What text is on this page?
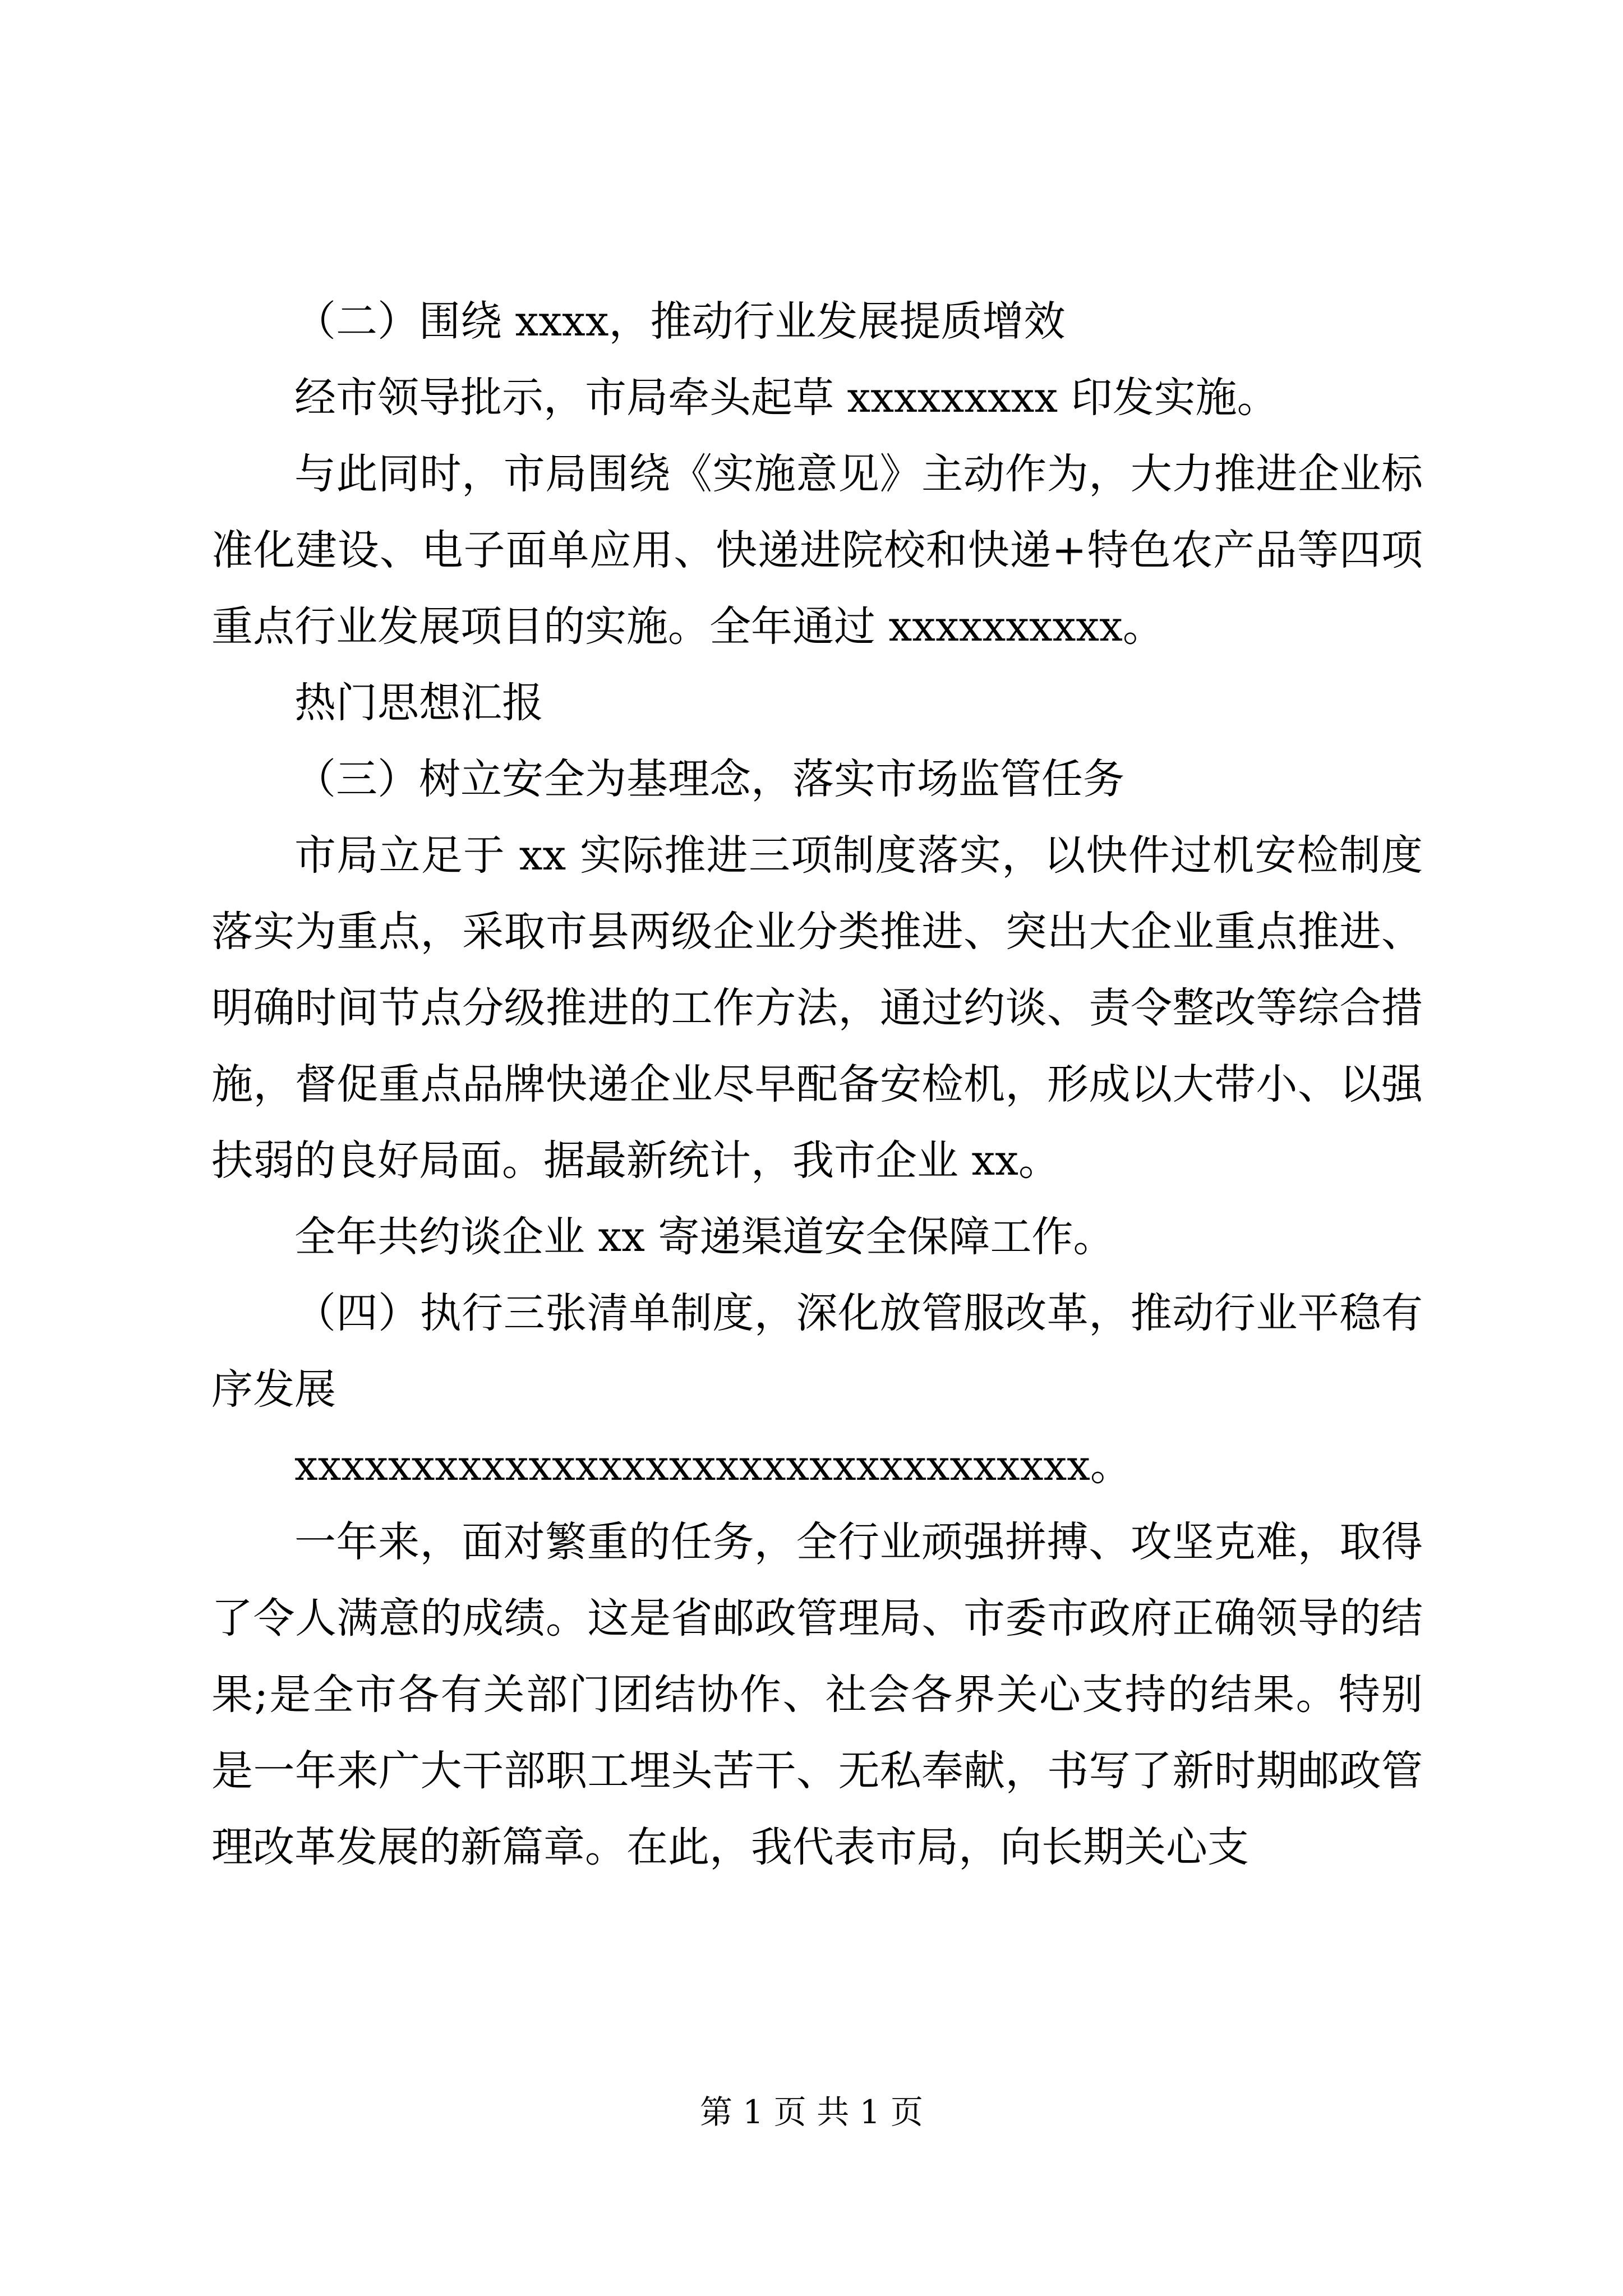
（二）围绕 xxxx，推动行业发展提质增效

经市领导批示，市局牵头起草 xxxxxxxxx 印发实施。

与此同时，市局围绕《实施意见》主动作为，大力推进企业标准化建设、电子面单应用、快递进院校和快递+特色农产品等四项重点行业发展项目的实施。全年通过 xxxxxxxxxx。

热门思想汇报

（三）树立安全为基理念，落实市场监管任务

市局立足于 xx 实际推进三项制度落实，以快件过机安检制度落实为重点，采取市县两级企业分类推进、突出大企业重点推进、明确时间节点分级推进的工作方法，通过约谈、责令整改等综合措施，督促重点品牌快递企业尽早配备安检机，形成以大带小、以强扶弱的良好局面。据最新统计，我市企业 xx。

全年共约谈企业 xx 寄递渠道安全保障工作。

（四）执行三张清单制度，深化放管服改革，推动行业平稳有序发展

xxxxxxxxxxxxxxxxxxxxxxxxxxxxxxxxxx。

一年来，面对繁重的任务，全行业顽强拼搏、攻坚克难，取得了令人满意的成绩。这是省邮政管理局、市委市政府正确领导的结果;是全市各有关部门团结协作、社会各界关心支持的结果。特别是一年来广大干部职工埋头苦干、无私奉献，书写了新时期邮政管理改革发展的新篇章。在此，我代表市局，向长期关心支

第 1 页 共 1 页
